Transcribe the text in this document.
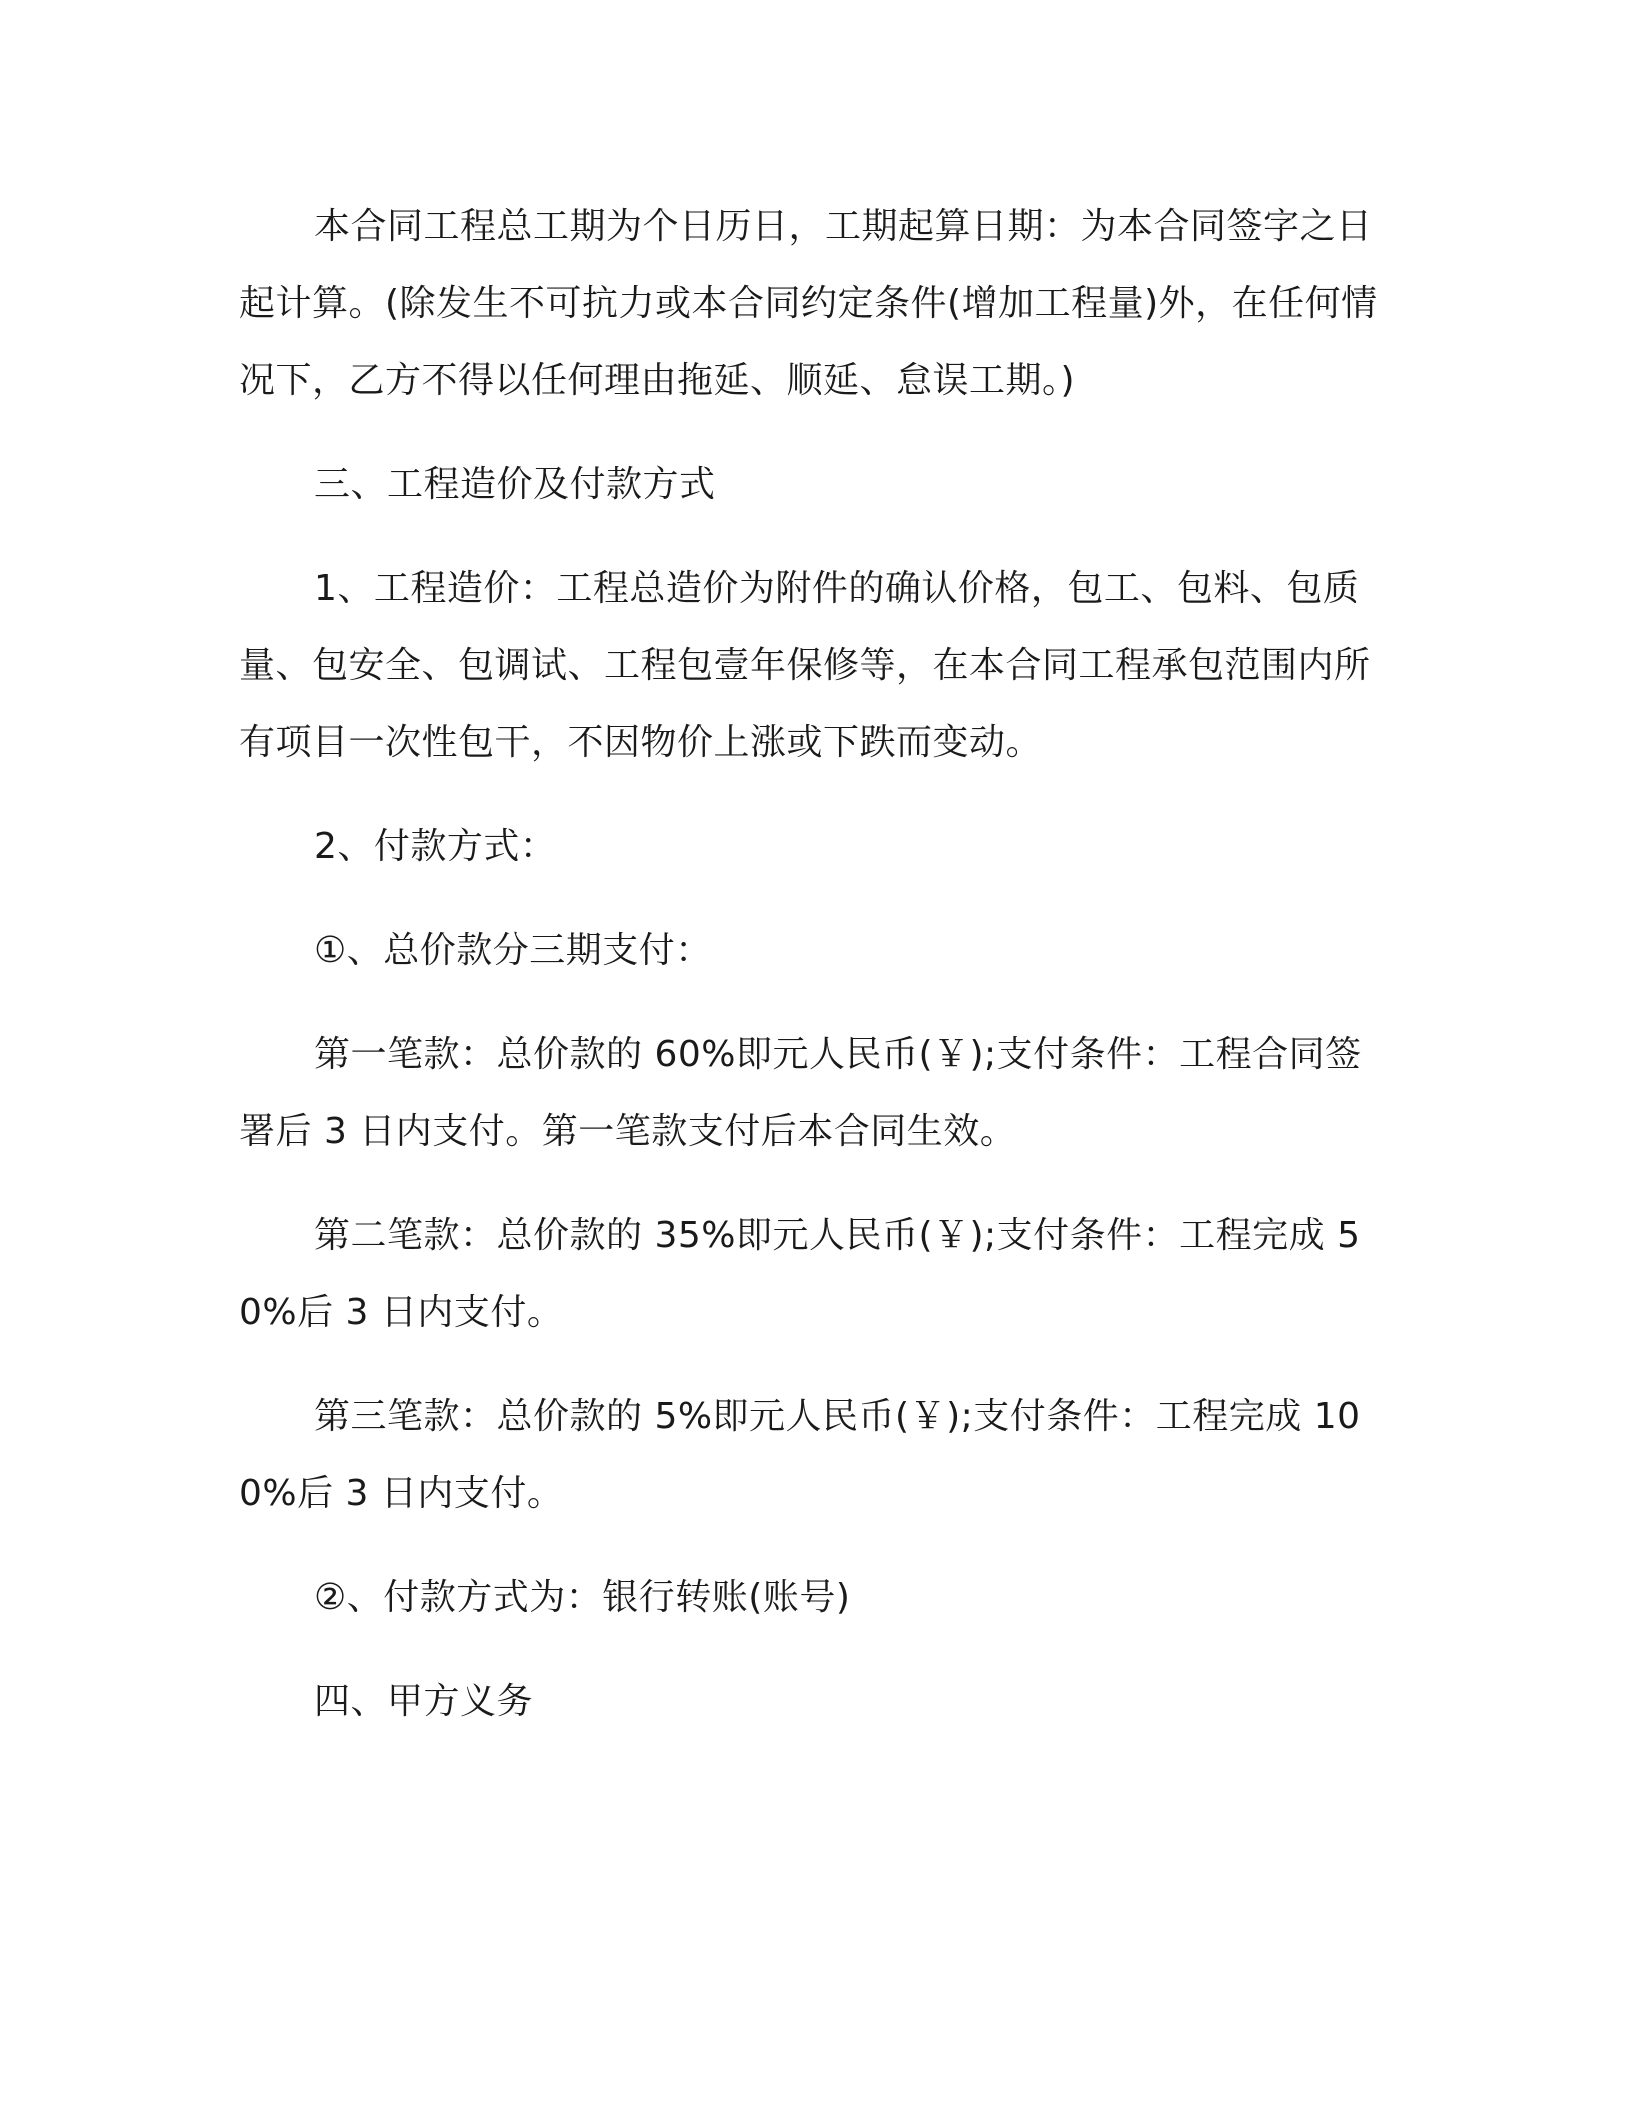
本合同工程总工期为个日历日，工期起算日期：为本合同签字之日起计算。(除发生不可抗力或本合同约定条件(增加工程量)外，在任何情况下，乙方不得以任何理由拖延、顺延、怠误工期。)

三、工程造价及付款方式

1、工程造价：工程总造价为附件的确认价格，包工、包料、包质量、包安全、包调试、工程包壹年保修等，在本合同工程承包范围内所有项目一次性包干，不因物价上涨或下跌而变动。

2、付款方式：

①、总价款分三期支付：

第一笔款：总价款的 60%即元人民币(￥);支付条件：工程合同签署后 3 日内支付。第一笔款支付后本合同生效。

第二笔款：总价款的 35%即元人民币(￥);支付条件：工程完成 50%后 3 日内支付。

第三笔款：总价款的 5%即元人民币(￥);支付条件：工程完成 100%后 3 日内支付。

②、付款方式为：银行转账(账号)

四、甲方义务
